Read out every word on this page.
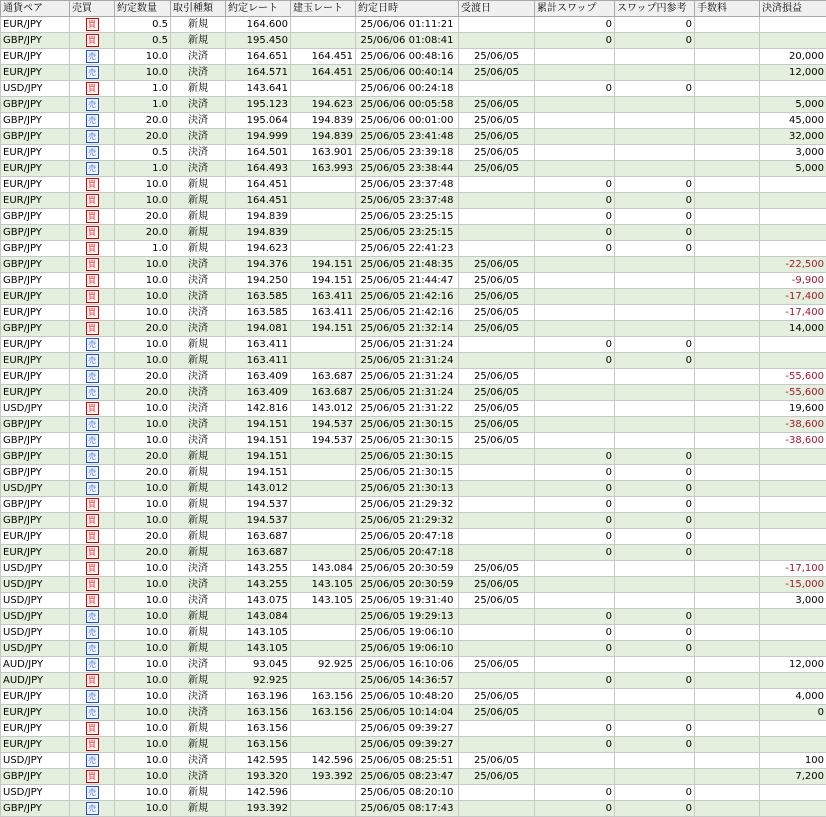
通貨ペア	売買	約定数量	取引種類	約定レート	建玉レート	約定日時	受渡日	累計スワップ	スワップ円参考	手数料	決済損益
EUR/JPY	買	0.5	新規	164.600		25/06/06 01:11:21		0	0		
GBP/JPY	買	0.5	新規	195.450		25/06/06 01:08:41		0	0		
EUR/JPY	売	10.0	決済	164.651	164.451	25/06/06 00:48:16	25/06/05				20,000
EUR/JPY	売	10.0	決済	164.571	164.451	25/06/06 00:40:14	25/06/05				12,000
USD/JPY	買	1.0	新規	143.641		25/06/06 00:24:18		0	0		
GBP/JPY	売	1.0	決済	195.123	194.623	25/06/06 00:05:58	25/06/05				5,000
GBP/JPY	売	20.0	決済	195.064	194.839	25/06/06 00:01:00	25/06/05				45,000
GBP/JPY	売	20.0	決済	194.999	194.839	25/06/05 23:41:48	25/06/05				32,000
EUR/JPY	売	0.5	決済	164.501	163.901	25/06/05 23:39:18	25/06/05				3,000
EUR/JPY	売	1.0	決済	164.493	163.993	25/06/05 23:38:44	25/06/05				5,000
EUR/JPY	買	10.0	新規	164.451		25/06/05 23:37:48		0	0		
EUR/JPY	買	10.0	新規	164.451		25/06/05 23:37:48		0	0		
GBP/JPY	買	20.0	新規	194.839		25/06/05 23:25:15		0	0		
GBP/JPY	買	20.0	新規	194.839		25/06/05 23:25:15		0	0		
GBP/JPY	買	1.0	新規	194.623		25/06/05 22:41:23		0	0		
GBP/JPY	買	10.0	決済	194.376	194.151	25/06/05 21:48:35	25/06/05				-22,500
GBP/JPY	買	10.0	決済	194.250	194.151	25/06/05 21:44:47	25/06/05				-9,900
EUR/JPY	買	10.0	決済	163.585	163.411	25/06/05 21:42:16	25/06/05				-17,400
EUR/JPY	買	10.0	決済	163.585	163.411	25/06/05 21:42:16	25/06/05				-17,400
GBP/JPY	買	20.0	決済	194.081	194.151	25/06/05 21:32:14	25/06/05				14,000
EUR/JPY	売	10.0	新規	163.411		25/06/05 21:31:24		0	0		
EUR/JPY	売	10.0	新規	163.411		25/06/05 21:31:24		0	0		
EUR/JPY	売	20.0	決済	163.409	163.687	25/06/05 21:31:24	25/06/05				-55,600
EUR/JPY	売	20.0	決済	163.409	163.687	25/06/05 21:31:24	25/06/05				-55,600
USD/JPY	買	10.0	決済	142.816	143.012	25/06/05 21:31:22	25/06/05				19,600
GBP/JPY	売	10.0	決済	194.151	194.537	25/06/05 21:30:15	25/06/05				-38,600
GBP/JPY	売	10.0	決済	194.151	194.537	25/06/05 21:30:15	25/06/05				-38,600
GBP/JPY	売	20.0	新規	194.151		25/06/05 21:30:15		0	0		
GBP/JPY	売	20.0	新規	194.151		25/06/05 21:30:15		0	0		
USD/JPY	売	10.0	新規	143.012		25/06/05 21:30:13		0	0		
GBP/JPY	買	10.0	新規	194.537		25/06/05 21:29:32		0	0		
GBP/JPY	買	10.0	新規	194.537		25/06/05 21:29:32		0	0		
EUR/JPY	買	20.0	新規	163.687		25/06/05 20:47:18		0	0		
EUR/JPY	買	20.0	新規	163.687		25/06/05 20:47:18		0	0		
USD/JPY	買	10.0	決済	143.255	143.084	25/06/05 20:30:59	25/06/05				-17,100
USD/JPY	買	10.0	決済	143.255	143.105	25/06/05 20:30:59	25/06/05				-15,000
USD/JPY	買	10.0	決済	143.075	143.105	25/06/05 19:31:40	25/06/05				3,000
USD/JPY	売	10.0	新規	143.084		25/06/05 19:29:13		0	0		
USD/JPY	売	10.0	新規	143.105		25/06/05 19:06:10		0	0		
USD/JPY	売	10.0	新規	143.105		25/06/05 19:06:10		0	0		
AUD/JPY	売	10.0	決済	93.045	92.925	25/06/05 16:10:06	25/06/05				12,000
AUD/JPY	買	10.0	新規	92.925		25/06/05 14:36:57		0	0		
EUR/JPY	売	10.0	決済	163.196	163.156	25/06/05 10:48:20	25/06/05				4,000
EUR/JPY	売	10.0	決済	163.156	163.156	25/06/05 10:14:04	25/06/05				0
EUR/JPY	買	10.0	新規	163.156		25/06/05 09:39:27		0	0		
EUR/JPY	買	10.0	新規	163.156		25/06/05 09:39:27		0	0		
USD/JPY	売	10.0	決済	142.595	142.596	25/06/05 08:25:51	25/06/05				100
GBP/JPY	買	10.0	決済	193.320	193.392	25/06/05 08:23:47	25/06/05				7,200
USD/JPY	売	10.0	新規	142.596		25/06/05 08:20:10		0	0		
GBP/JPY	売	10.0	新規	193.392		25/06/05 08:17:43		0	0		
